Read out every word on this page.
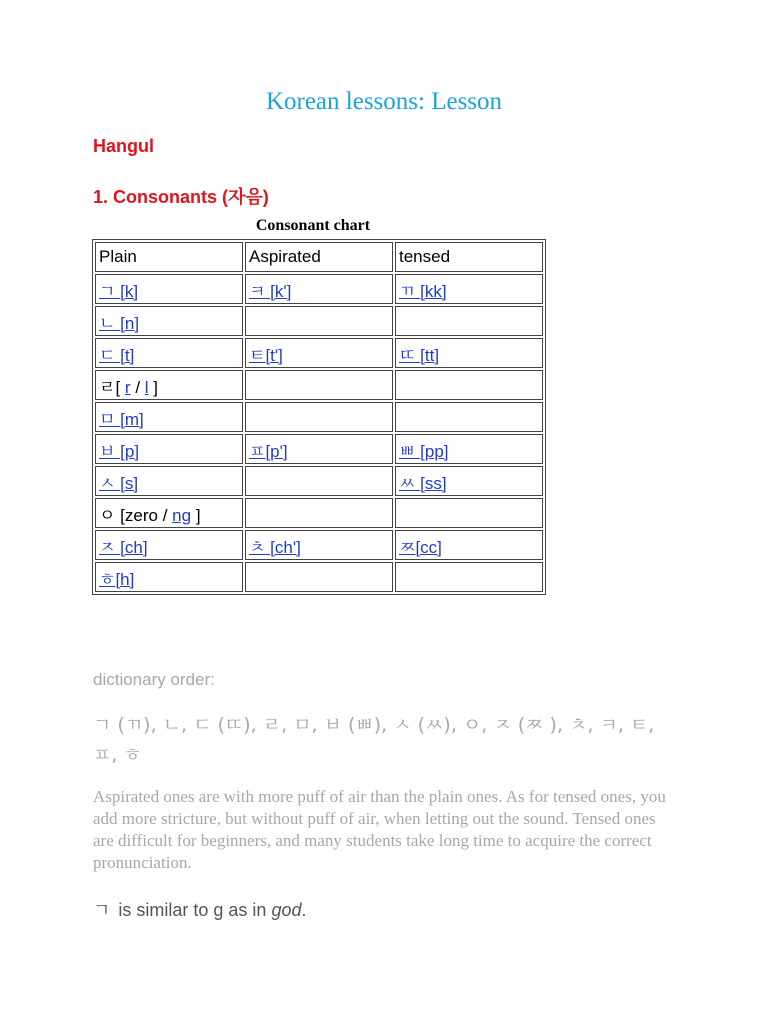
Korean lessons: Lesson
Hangul
1. Consonants (자음)
Consonant chart
Plain	Aspirated	tensed
ㄱ [k]	ㅋ [k']	ㄲ [kk]
ㄴ [n]		
ㄷ [t]	ㅌ[t']	ㄸ [tt]
ㄹ[ r / l ]		
ㅁ [m]		
ㅂ [p]	ㅍ[p']	ㅃ [pp]
ㅅ [s]		ㅆ [ss]
ㅇ [zero / ng ]		
ㅈ [ch]	ㅊ [ch']	ㅉ[cc]
ㅎ[h]		
dictionary order:
ㄱ (ㄲ), ㄴ, ㄷ (ㄸ), ㄹ, ㅁ, ㅂ (ㅃ), ㅅ (ㅆ), ㅇ, ㅈ (ㅉ ), ㅊ, ㅋ, ㅌ, ㅍ, ㅎ

Aspirated ones are with more puff of air than the plain ones. As for tensed ones, you add more stricture, but without puff of air, when letting out the sound. Tensed ones are difficult for beginners, and many students take long time to acquire the correct pronunciation.

ㄱ is similar to g as in god.
